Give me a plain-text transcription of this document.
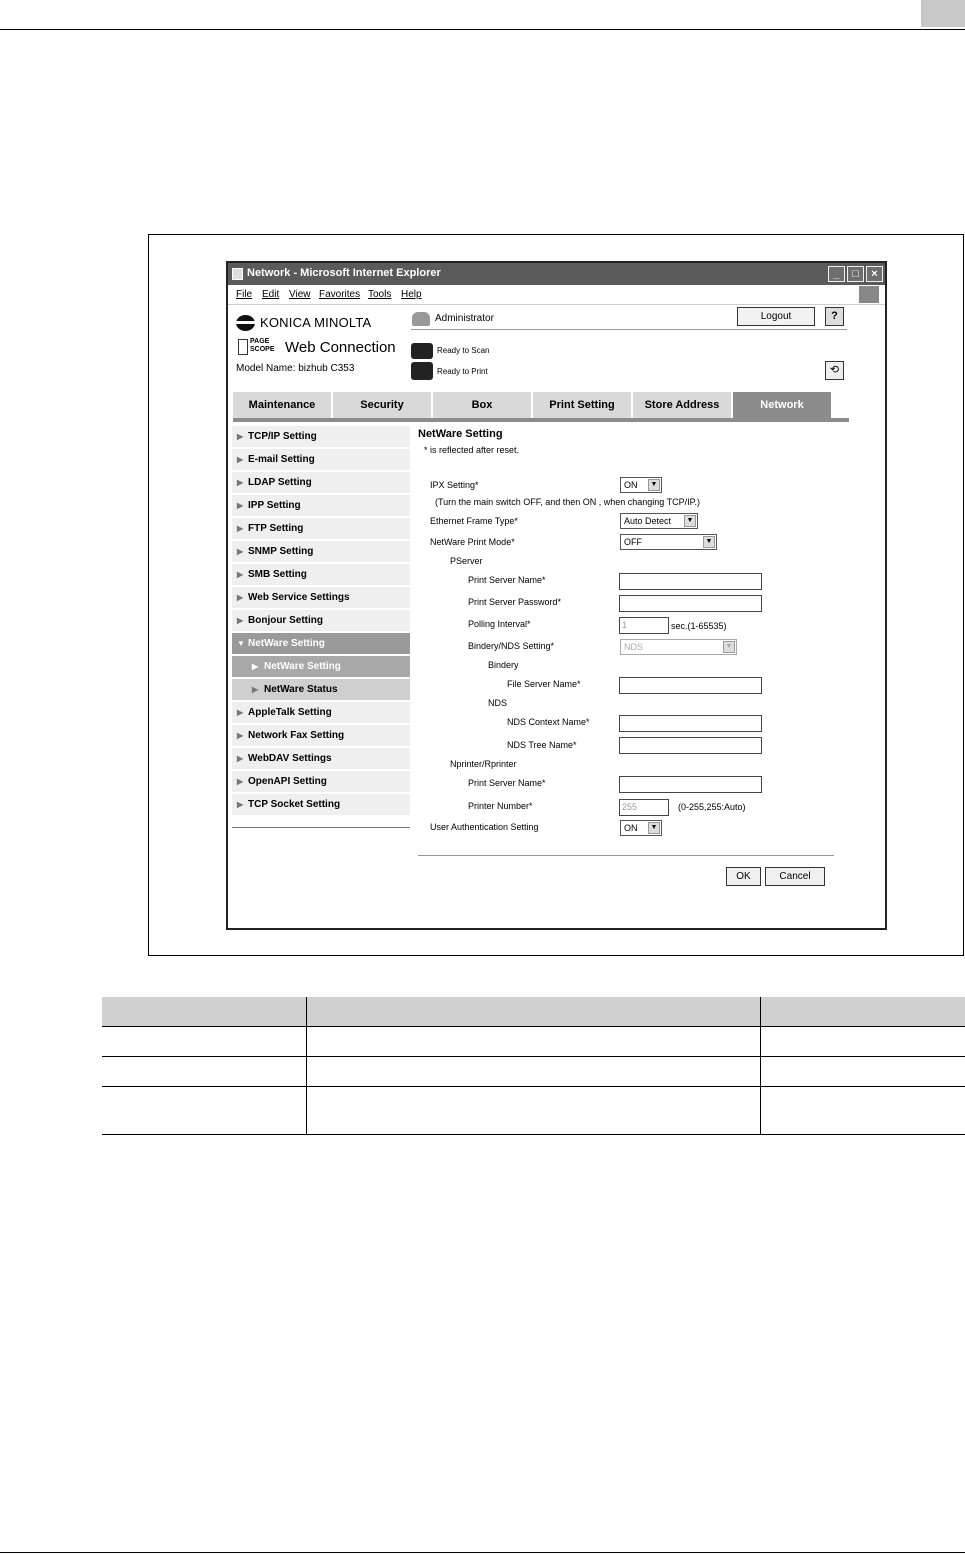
Network - Microsoft Internet Explorer	_	□	×
File Edit View Favorites Tools Help
KONICA MINOLTA
PAGE
SCOPE Web Connection
Model Name: bizhub C353
Administrator	Logout	?
Ready to Scan
Ready to Print	⟲
Maintenance	Security	Box	Print Setting	Store Address	Network
▶ TCP/IP Setting
▶ E-mail Setting
▶ LDAP Setting
▶ IPP Setting
▶ FTP Setting
▶ SNMP Setting
▶ SMB Setting
▶ Web Service Settings
▶ Bonjour Setting
▼ NetWare Setting
▶ NetWare Setting
▶ NetWare Status
▶ AppleTalk Setting
▶ Network Fax Setting
▶ WebDAV Settings
▶ OpenAPI Setting
▶ TCP Socket Setting
NetWare Setting
* is reflected after reset.
IPX Setting*	ON	▼
(Turn the main switch OFF, and then ON , when changing TCP/IP.)
Ethernet Frame Type*	Auto Detect	▼
NetWare Print Mode*	OFF	▼
PServer
Print Server Name*
Print Server Password*
Polling Interval*	1	sec.(1-65535)
Bindery/NDS Setting*	NDS	▼
Bindery
File Server Name*
NDS
NDS Context Name*
NDS Tree Name*
Nprinter/Rprinter
Print Server Name*
Printer Number*	255	(0-255,255:Auto)
User Authentication Setting	ON	▼
OK	Cancel
